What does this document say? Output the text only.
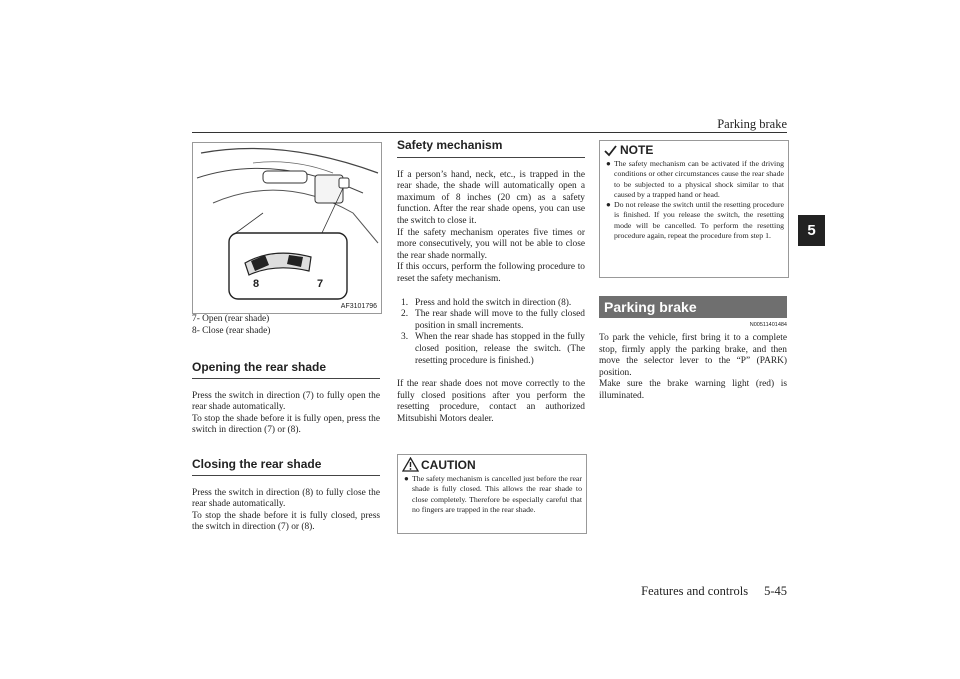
Parking brake
5
8	7
AF3101796

7- Open (rear shade)

8- Close (rear shade)

Opening the rear shade

Press the switch in direction (7) to fully open the rear shade automatically.

To stop the shade before it is fully open, press the switch in direction (7) or (8).

Closing the rear shade

Press the switch in direction (8) to fully close the rear shade automatically.

To stop the shade before it is fully closed, press the switch in direction (7) or (8).

Safety mechanism

If a person’s hand, neck, etc., is trapped in the rear shade, the shade will automatically open a maximum of 8 inches (20 cm) as a safety function. After the rear shade opens, you can use the switch to close it.

If the safety mechanism operates five times or more consecutively, you will not be able to close the rear shade normally.

If this occurs, perform the following procedure to reset the safety mechanism.

1. Press and hold the switch in direction (8).
2. The rear shade will move to the fully closed position in small increments.
3. When the rear shade has stopped in the fully closed position, release the switch. (The resetting procedure is finished.)

If the rear shade does not move correctly to the fully closed positions after you perform the resetting procedure, contact an authorized Mitsubishi Motors dealer.

CAUTION
● The safety mechanism is cancelled just before the rear shade is fully closed. This allows the rear shade to close completely. Therefore be especially careful that no fingers are trapped in the rear shade.
NOTE
● The safety mechanism can be activated if the driving conditions or other circumstances cause the rear shade to be subjected to a physical shock similar to that caused by a trapped hand or head.
● Do not release the switch until the resetting procedure is finished. If you release the switch, the resetting mode will be cancelled. To perform the resetting procedure again, repeat the procedure from step 1.
Parking brake
N00511401484

To park the vehicle, first bring it to a complete stop, firmly apply the parking brake, and then move the selector lever to the “P” (PARK) position.

Make sure the brake warning light (red) is illuminated.

Features and controls 5-45
